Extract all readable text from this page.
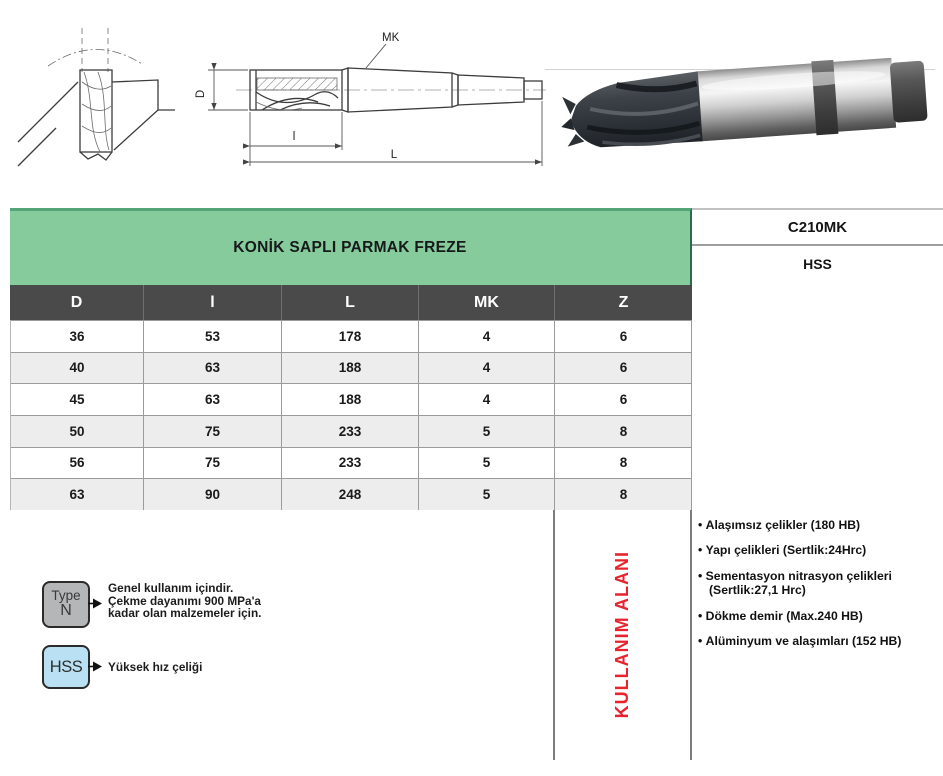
MK
D
l
L
KONİK SAPLI PARMAK FREZE
D	l	L	MK	Z
36	53	178	4	6
40	63	188	4	6
45	63	188	4	6
50	75	233	5	8
56	75	233	5	8
63	90	248	5	8
C210MK
HSS
KULLANIM ALANI
• Alaşımsız çelikler (180 HB)
• Yapı çelikleri (Sertlik:24Hrc)
• Sementasyon nitrasyon çelikleri (Sertlik:27,1 Hrc)
• Dökme demir (Max.240 HB)
• Alüminyum ve alaşımları (152 HB)
Type
N

Genel kullanım içindir.

Çekme dayanımı 900 MPa'a

kadar olan malzemeler için.

HSS Yüksek hız çeliği
